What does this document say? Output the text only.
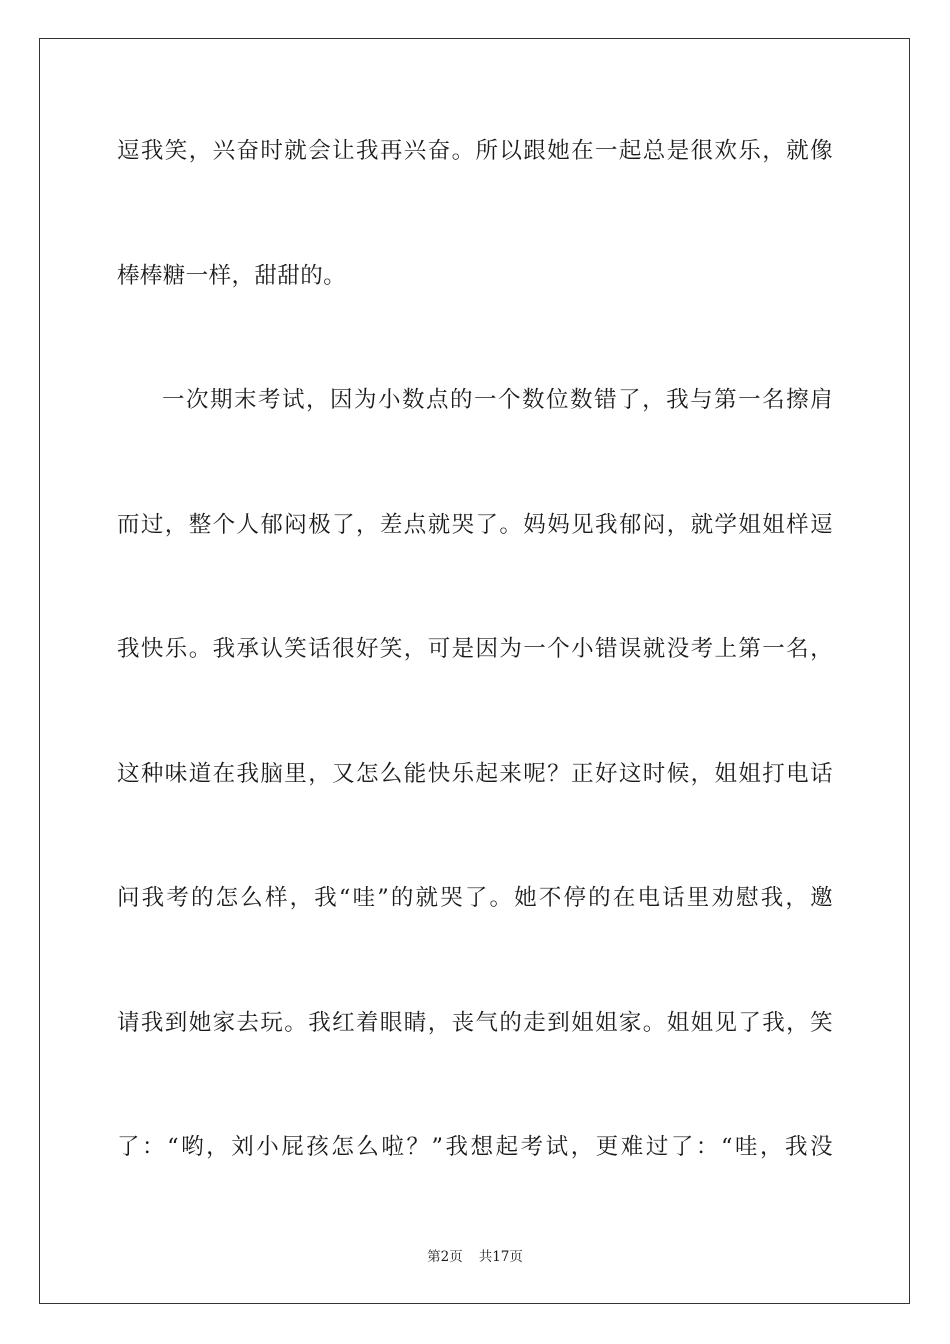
逗我笑，兴奋时就会让我再兴奋。所以跟她在一起总是很欢乐，就像
棒棒糖一样，甜甜的。
一次期末考试，因为小数点的一个数位数错了，我与第一名擦肩
而过，整个人郁闷极了，差点就哭了。妈妈见我郁闷，就学姐姐样逗
我快乐。我承认笑话很好笑，可是因为一个小错误就没考上第一名，
这种味道在我脑里，又怎么能快乐起来呢？正好这时候，姐姐打电话
问我考的怎么样，我“哇”的就哭了。她不停的在电话里劝慰我，邀
请我到她家去玩。我红着眼睛，丧气的走到姐姐家。姐姐见了我，笑
了：“哟，刘小屁孩怎么啦？”我想起考试，更难过了：“哇，我没
第2页 共17页
